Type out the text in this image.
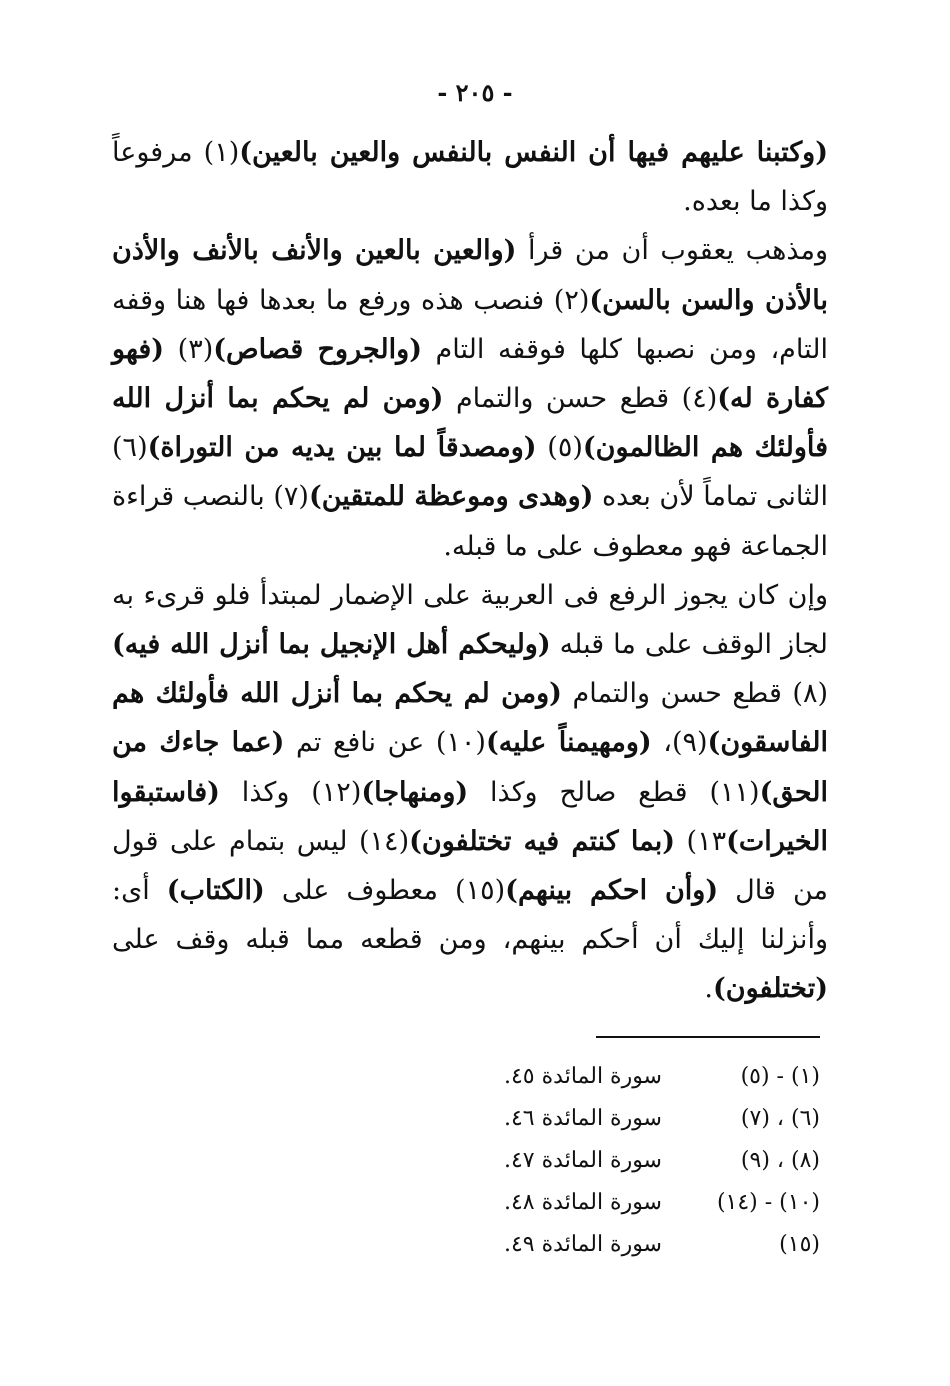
- ٢٠٥ -

(وكتبنا عليهم فيها أن النفس بالنفس والعين بالعين)(١) مرفوعاً وكذا ما بعده.

ومذهب يعقوب أن من قرأ (والعين بالعين والأنف بالأنف والأذن بالأذن والسن بالسن)(٢) فنصب هذه ورفع ما بعدها فها هنا وقفه التام، ومن نصبها كلها فوقفه التام (والجروح قصاص)(٣) (فهو كفارة له)(٤) قطع حسن والتمام (ومن لم يحكم بما أنزل الله فأولئك هم الظالمون)(٥) (ومصدقاً لما بين يديه من التوراة)(٦) الثانى تماماً لأن بعده (وهدى وموعظة للمتقين)(٧) بالنصب قراءة الجماعة فهو معطوف على ما قبله.

وإن كان يجوز الرفع فى العربية على الإضمار لمبتدأ فلو قرىء به لجاز الوقف على ما قبله (وليحكم أهل الإنجيل بما أنزل الله فيه)(٨) قطع حسن والتمام (ومن لم يحكم بما أنزل الله فأولئك هم الفاسقون)(٩)، (ومهيمناً عليه)(١٠) عن نافع تم (عما جاءك من الحق)(١١) قطع صالح وكذا (ومنهاجا)(١٢) وكذا (فاستبقوا الخيرات)١٣) (بما كنتم فيه تختلفون)(١٤) ليس بتمام على قول من قال (وأن احكم بينهم)(١٥) معطوف على (الكتاب) أى: وأنزلنا إليك أن أحكم بينهم، ومن قطعه مما قبله وقف على (تختلفون).

(١) - (٥)
سورة المائدة ٤٥.
(٦) ، (٧)
سورة المائدة ٤٦.
(٨) ، (٩)
سورة المائدة ٤٧.
(١٠) - (١٤)
سورة المائدة ٤٨.
(١٥)
سورة المائدة ٤٩.
